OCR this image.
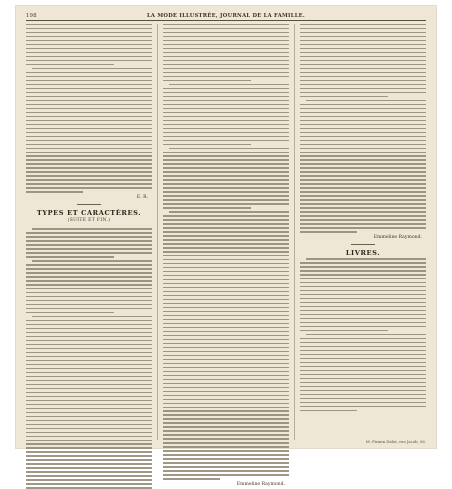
198	LA MODE ILLUSTRÉE, JOURNAL DE LA FAMILLE.
E. R.
TYPES ET CARACTÈRES.
(SUITE ET FIN.)
Emmeline Raymond.
Emmeline Raymond.
LIVRES.
M. Firmin Didot, rue Jacob, 56.
